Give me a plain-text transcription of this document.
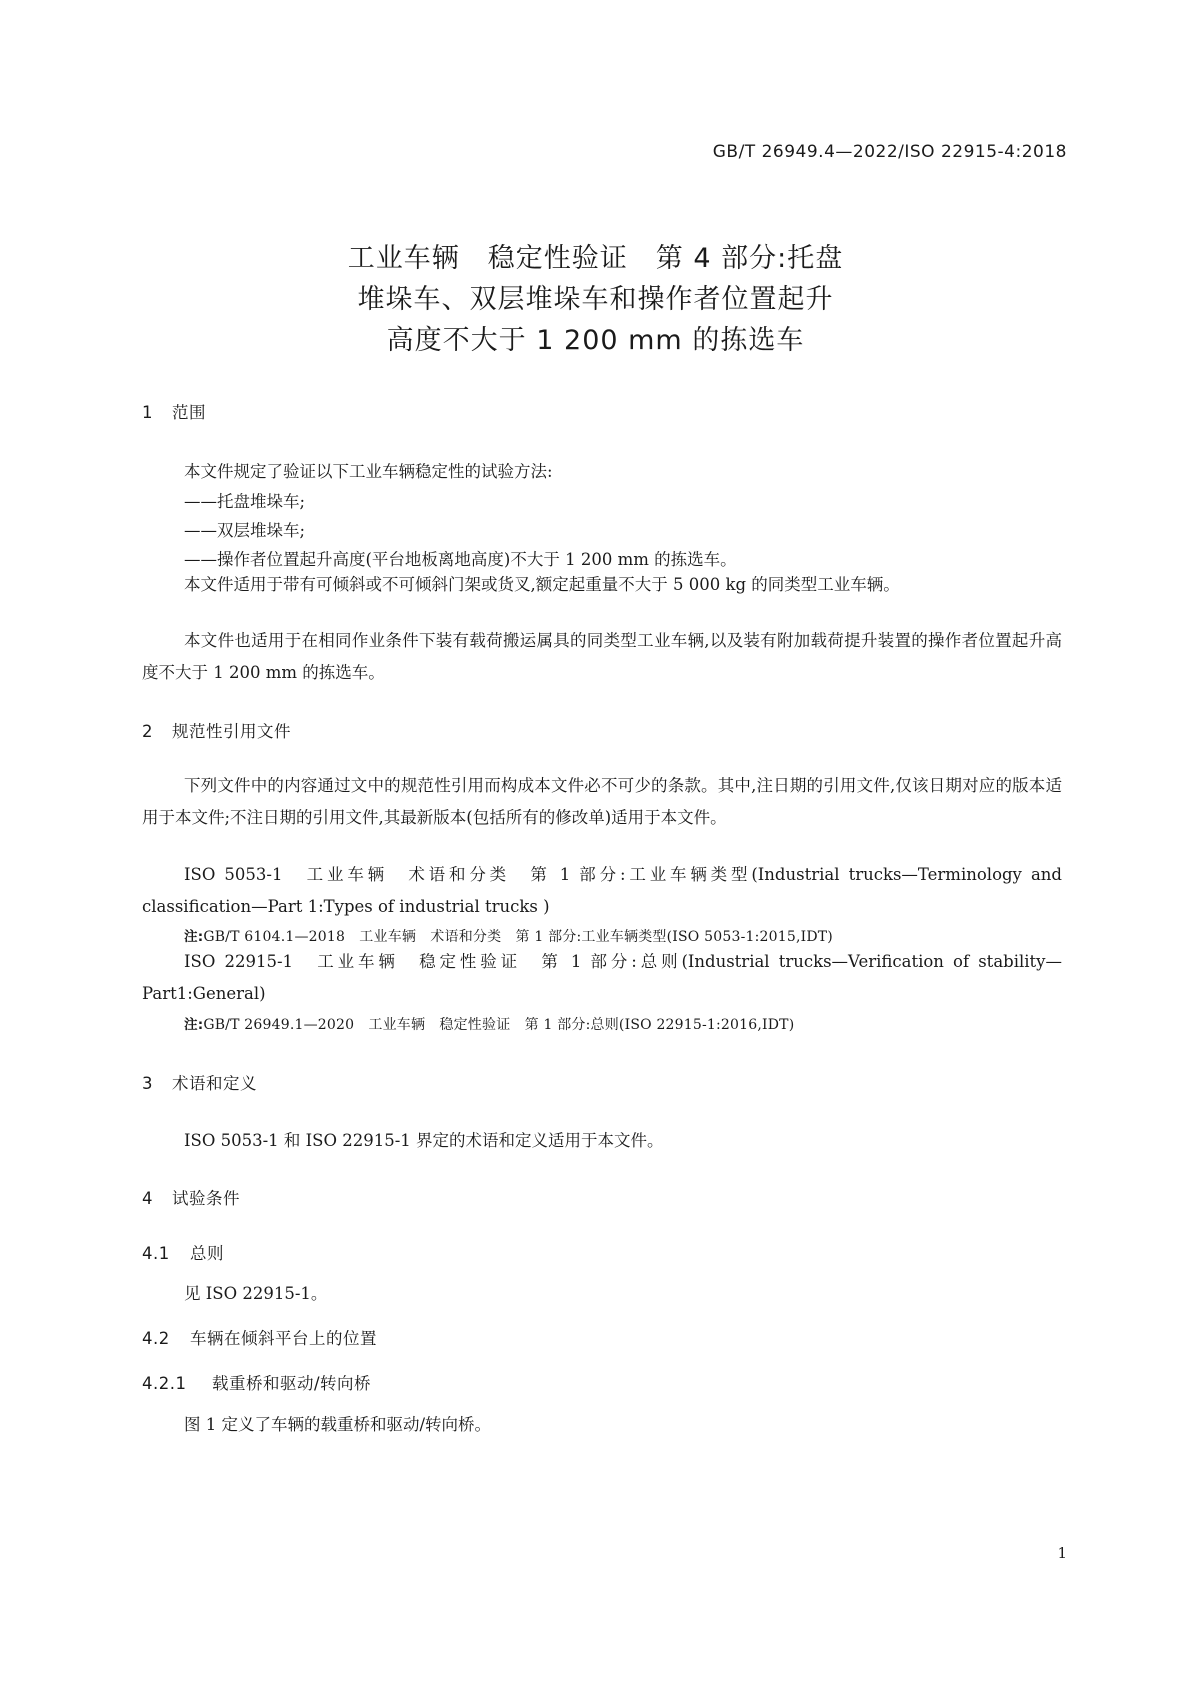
GB/T 26949.4—2022/ISO 22915-4:2018
工业车辆　稳定性验证　第 4 部分:托盘
堆垛车、双层堆垛车和操作者位置起升
高度不大于 1 200 mm 的拣选车
1 范围
本文件规定了验证以下工业车辆稳定性的试验方法:
——托盘堆垛车;
——双层堆垛车;
——操作者位置起升高度(平台地板离地高度)不大于 1 200 mm 的拣选车。
本文件适用于带有可倾斜或不可倾斜门架或货叉,额定起重量不大于 5 000 kg 的同类型工业车辆。
本文件也适用于在相同作业条件下装有载荷搬运属具的同类型工业车辆,以及装有附加载荷提升装置的操作者位置起升高度不大于 1 200 mm 的拣选车。
2 规范性引用文件
下列文件中的内容通过文中的规范性引用而构成本文件必不可少的条款。其中,注日期的引用文件,仅该日期对应的版本适用于本文件;不注日期的引用文件,其最新版本(包括所有的修改单)适用于本文件。
ISO 5053-1　工业车辆　术语和分类　第 1 部分:工业车辆类型(Industrial trucks—Terminology and classification—Part 1:Types of industrial trucks )
注:GB/T 6104.1—2018　工业车辆　术语和分类　第 1 部分:工业车辆类型(ISO 5053-1:2015,IDT)
ISO 22915-1　工业车辆　稳定性验证　第 1 部分:总则(Industrial trucks—Verification of stability—Part1:General)
注:GB/T 26949.1—2020　工业车辆　稳定性验证　第 1 部分:总则(ISO 22915-1:2016,IDT)
3 术语和定义
ISO 5053-1 和 ISO 22915-1 界定的术语和定义适用于本文件。
4 试验条件
4.1 总则
见 ISO 22915-1。
4.2 车辆在倾斜平台上的位置
4.2.1 载重桥和驱动/转向桥
图 1 定义了车辆的载重桥和驱动/转向桥。
1
